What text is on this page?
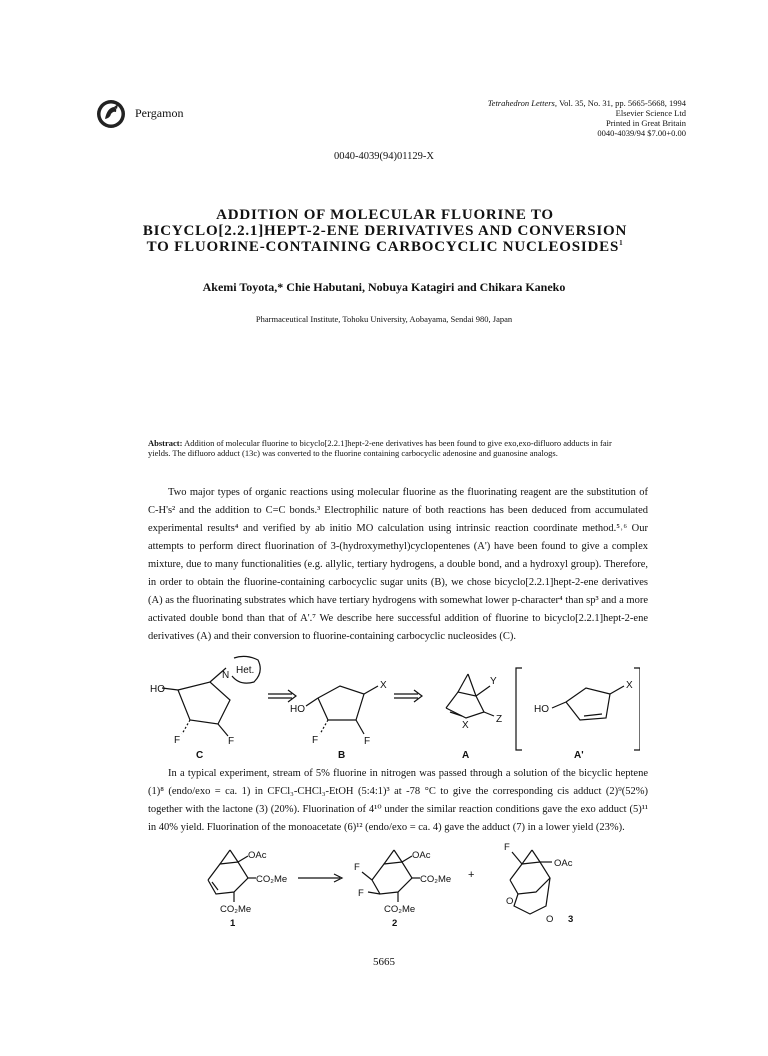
Pergamon
Tetrahedron Letters, Vol. 35, No. 31, pp. 5665-5668, 1994
Elsevier Science Ltd
Printed in Great Britain
0040-4039/94 $7.00+0.00
0040-4039(94)01129-X
ADDITION OF MOLECULAR FLUORINE TO BICYCLO[2.2.1]HEPT-2-ENE DERIVATIVES AND CONVERSION TO FLUORINE-CONTAINING CARBOCYCLIC NUCLEOSIDES$^1$
Akemi Toyota,* Chie Habutani, Nobuya Katagiri and Chikara Kaneko
Pharmaceutical Institute, Tohoku University, Aobayama, Sendai 980, Japan
Abstract: Addition of molecular fluorine to bicyclo[2.2.1]hept-2-ene derivatives has been found to give exo,exo-difluoro adducts in fair yields. The difluoro adduct (13c) was converted to the fluorine containing carbocyclic adenosine and guanosine analogs.
Two major types of organic reactions using molecular fluorine as the fluorinating reagent are the substitution of C-H's² and the addition to C=C bonds.³ Electrophilic nature of both reactions has been deduced from accumulated experimental results⁴ and verified by ab initio MO calculation using intrinsic reaction coordinate method.⁵˒⁶ Our attempts to perform direct fluorination of 3-(hydroxymethyl)cyclopentenes (A') have been found to give a complex mixture, due to many functionalities (e.g. allylic, tertiary hydrogens, a double bond, and a hydroxyl group). Therefore, in order to obtain the fluorine-containing carbocyclic sugar units (B), we chose bicyclo[2.2.1]hept-2-ene derivatives (A) as the fluorinating substrates which have tertiary hydrogens with somewhat lower p-character⁴ than sp³ and a more activated double bond than that of A'.⁷ We describe here successful addition of fluorine to bicyclo[2.2.1]hept-2-ene derivatives (A) and their conversion to fluorine-containing carbocyclic nucleosides (C).
HO
N Het.
F	F
C
HO
X
F	F
B
Y
X
Z
A
HO
X
A'
In a typical experiment, stream of 5% fluorine in nitrogen was passed through a solution of the bicyclic heptene (1)⁸ (endo/exo = ca. 1) in CFCl₃-CHCl₃-EtOH (5:4:1)³ at -78 °C to give the corresponding cis adduct (2)⁹(52%) together with the lactone (3) (20%). Fluorination of 4¹⁰ under the similar reaction conditions gave the exo adduct (5)¹¹ in 40% yield. Fluorination of the monoacetate (6)¹² (endo/exo = ca. 4) gave the adduct (7) in a lower yield (23%).
OAc
CO₂Me
CO₂Me
1
F
F
OAc
CO₂Me
CO₂Me
2
+
F
OAc
O
O 3
5665
